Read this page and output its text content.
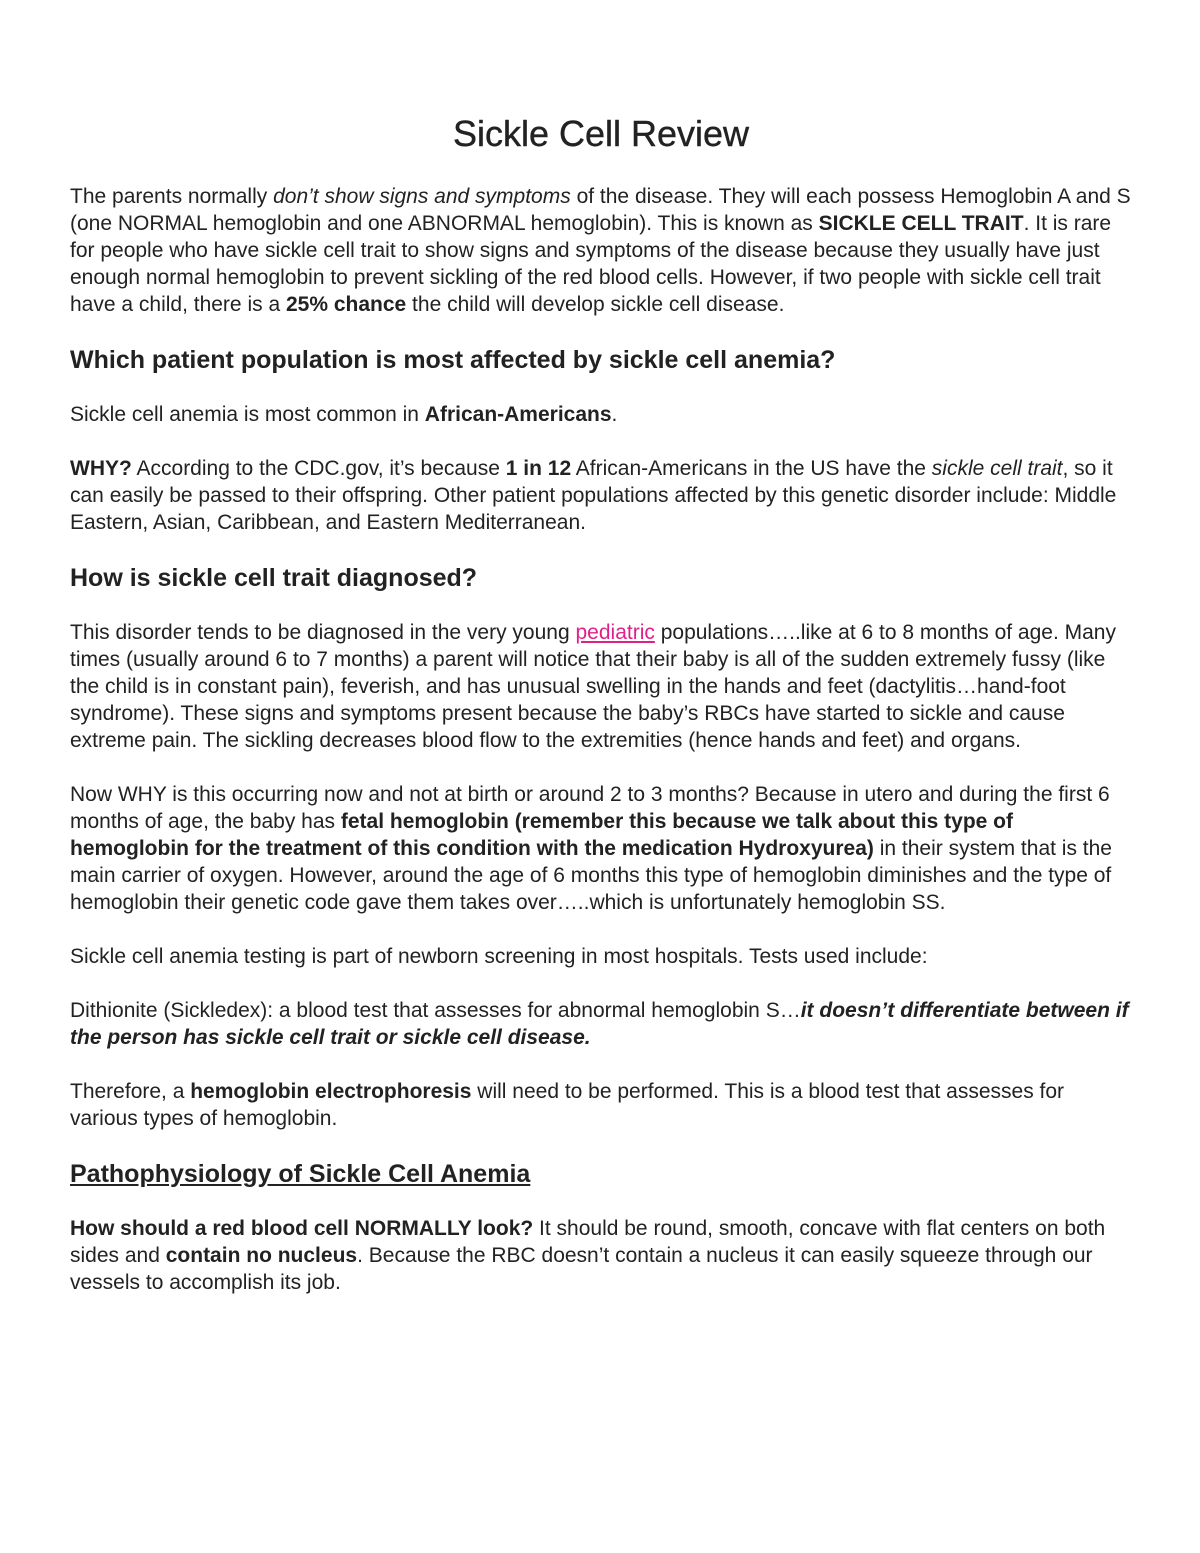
Sickle Cell Review

The parents normally don’t show signs and symptoms of the disease. They will each possess Hemoglobin A and S (one NORMAL hemoglobin and one ABNORMAL hemoglobin). This is known as SICKLE CELL TRAIT. It is rare for people who have sickle cell trait to show signs and symptoms of the disease because they usually have just enough normal hemoglobin to prevent sickling of the red blood cells. However, if two people with sickle cell trait have a child, there is a 25% chance the child will develop sickle cell disease.

Which patient population is most affected by sickle cell anemia?

Sickle cell anemia is most common in African-Americans.

WHY? According to the CDC.gov, it’s because 1 in 12 African-Americans in the US have the sickle cell trait, so it can easily be passed to their offspring. Other patient populations affected by this genetic disorder include: Middle Eastern, Asian, Caribbean, and Eastern Mediterranean.

How is sickle cell trait diagnosed?

This disorder tends to be diagnosed in the very young pediatric populations…..like at 6 to 8 months of age. Many times (usually around 6 to 7 months) a parent will notice that their baby is all of the sudden extremely fussy (like the child is in constant pain), feverish, and has unusual swelling in the hands and feet (dactylitis…hand-foot syndrome). These signs and symptoms present because the baby’s RBCs have started to sickle and cause extreme pain. The sickling decreases blood flow to the extremities (hence hands and feet) and organs.

Now WHY is this occurring now and not at birth or around 2 to 3 months? Because in utero and during the first 6 months of age, the baby has fetal hemoglobin (remember this because we talk about this type of hemoglobin for the treatment of this condition with the medication Hydroxyurea) in their system that is the main carrier of oxygen. However, around the age of 6 months this type of hemoglobin diminishes and the type of hemoglobin their genetic code gave them takes over…..which is unfortunately hemoglobin SS.

Sickle cell anemia testing is part of newborn screening in most hospitals. Tests used include:

Dithionite (Sickledex): a blood test that assesses for abnormal hemoglobin S…it doesn’t differentiate between if the person has sickle cell trait or sickle cell disease.

Therefore, a hemoglobin electrophoresis will need to be performed. This is a blood test that assesses for various types of hemoglobin.

Pathophysiology of Sickle Cell Anemia

How should a red blood cell NORMALLY look? It should be round, smooth, concave with flat centers on both sides and contain no nucleus. Because the RBC doesn’t contain a nucleus it can easily squeeze through our vessels to accomplish its job.
